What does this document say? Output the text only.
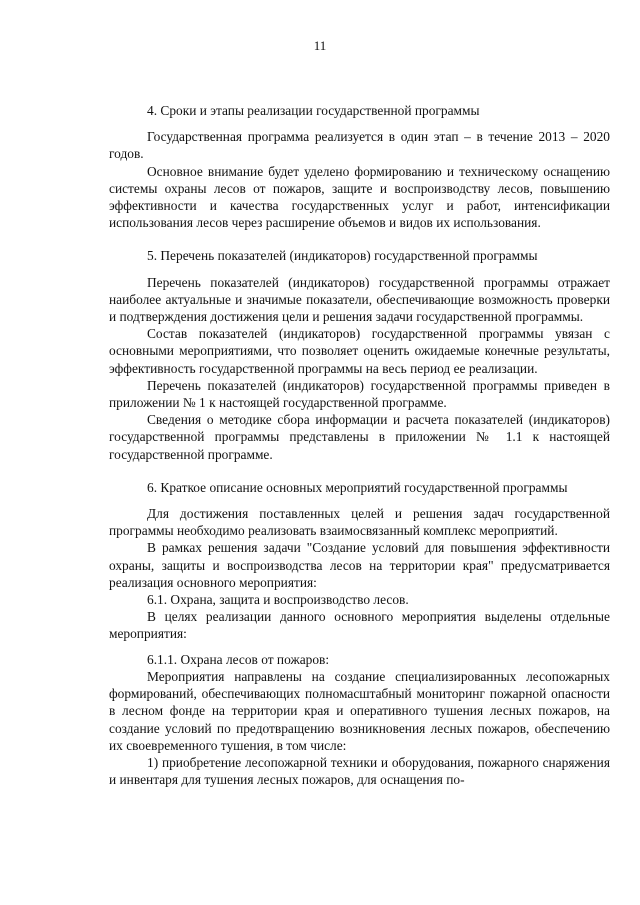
11

4. Сроки и этапы реализации государственной программы

Государственная программа реализуется в один этап – в течение 2013 – 2020 годов.

Основное внимание будет уделено формированию и техническому оснащению системы охраны лесов от пожаров, защите и воспроизводству лесов, повышению эффективности и качества государственных услуг и работ, интенсификации использования лесов через расширение объемов и видов их использования.

5. Перечень показателей (индикаторов) государственной программы

Перечень показателей (индикаторов) государственной программы отражает наиболее актуальные и значимые показатели, обеспечивающие возможность проверки и подтверждения достижения цели и решения задачи государственной программы.

Состав показателей (индикаторов) государственной программы увязан с основными мероприятиями, что позволяет оценить ожидаемые конечные результаты, эффективность государственной программы на весь период ее реализации.

Перечень показателей (индикаторов) государственной программы приведен в приложении № 1 к настоящей государственной программе.

Сведения о методике сбора информации и расчета показателей (индикаторов) государственной программы представлены в приложении № 1.1 к настоящей государственной программе.

6. Краткое описание основных мероприятий государственной программы

Для достижения поставленных целей и решения задач государственной программы необходимо реализовать взаимосвязанный комплекс мероприятий.

В рамках решения задачи "Создание условий для повышения эффективности охраны, защиты и воспроизводства лесов на территории края" предусматривается реализация основного мероприятия:

6.1. Охрана, защита и воспроизводство лесов.

В целях реализации данного основного мероприятия выделены отдельные мероприятия:

6.1.1. Охрана лесов от пожаров:

Мероприятия направлены на создание специализированных лесопожарных формирований, обеспечивающих полномасштабный мониторинг пожарной опасности в лесном фонде на территории края и оперативного тушения лесных пожаров, на создание условий по предотвращению возникновения лесных пожаров, обеспечению их своевременного тушения, в том числе:

1) приобретение лесопожарной техники и оборудования, пожарного снаряжения и инвентаря для тушения лесных пожаров, для оснащения по-
